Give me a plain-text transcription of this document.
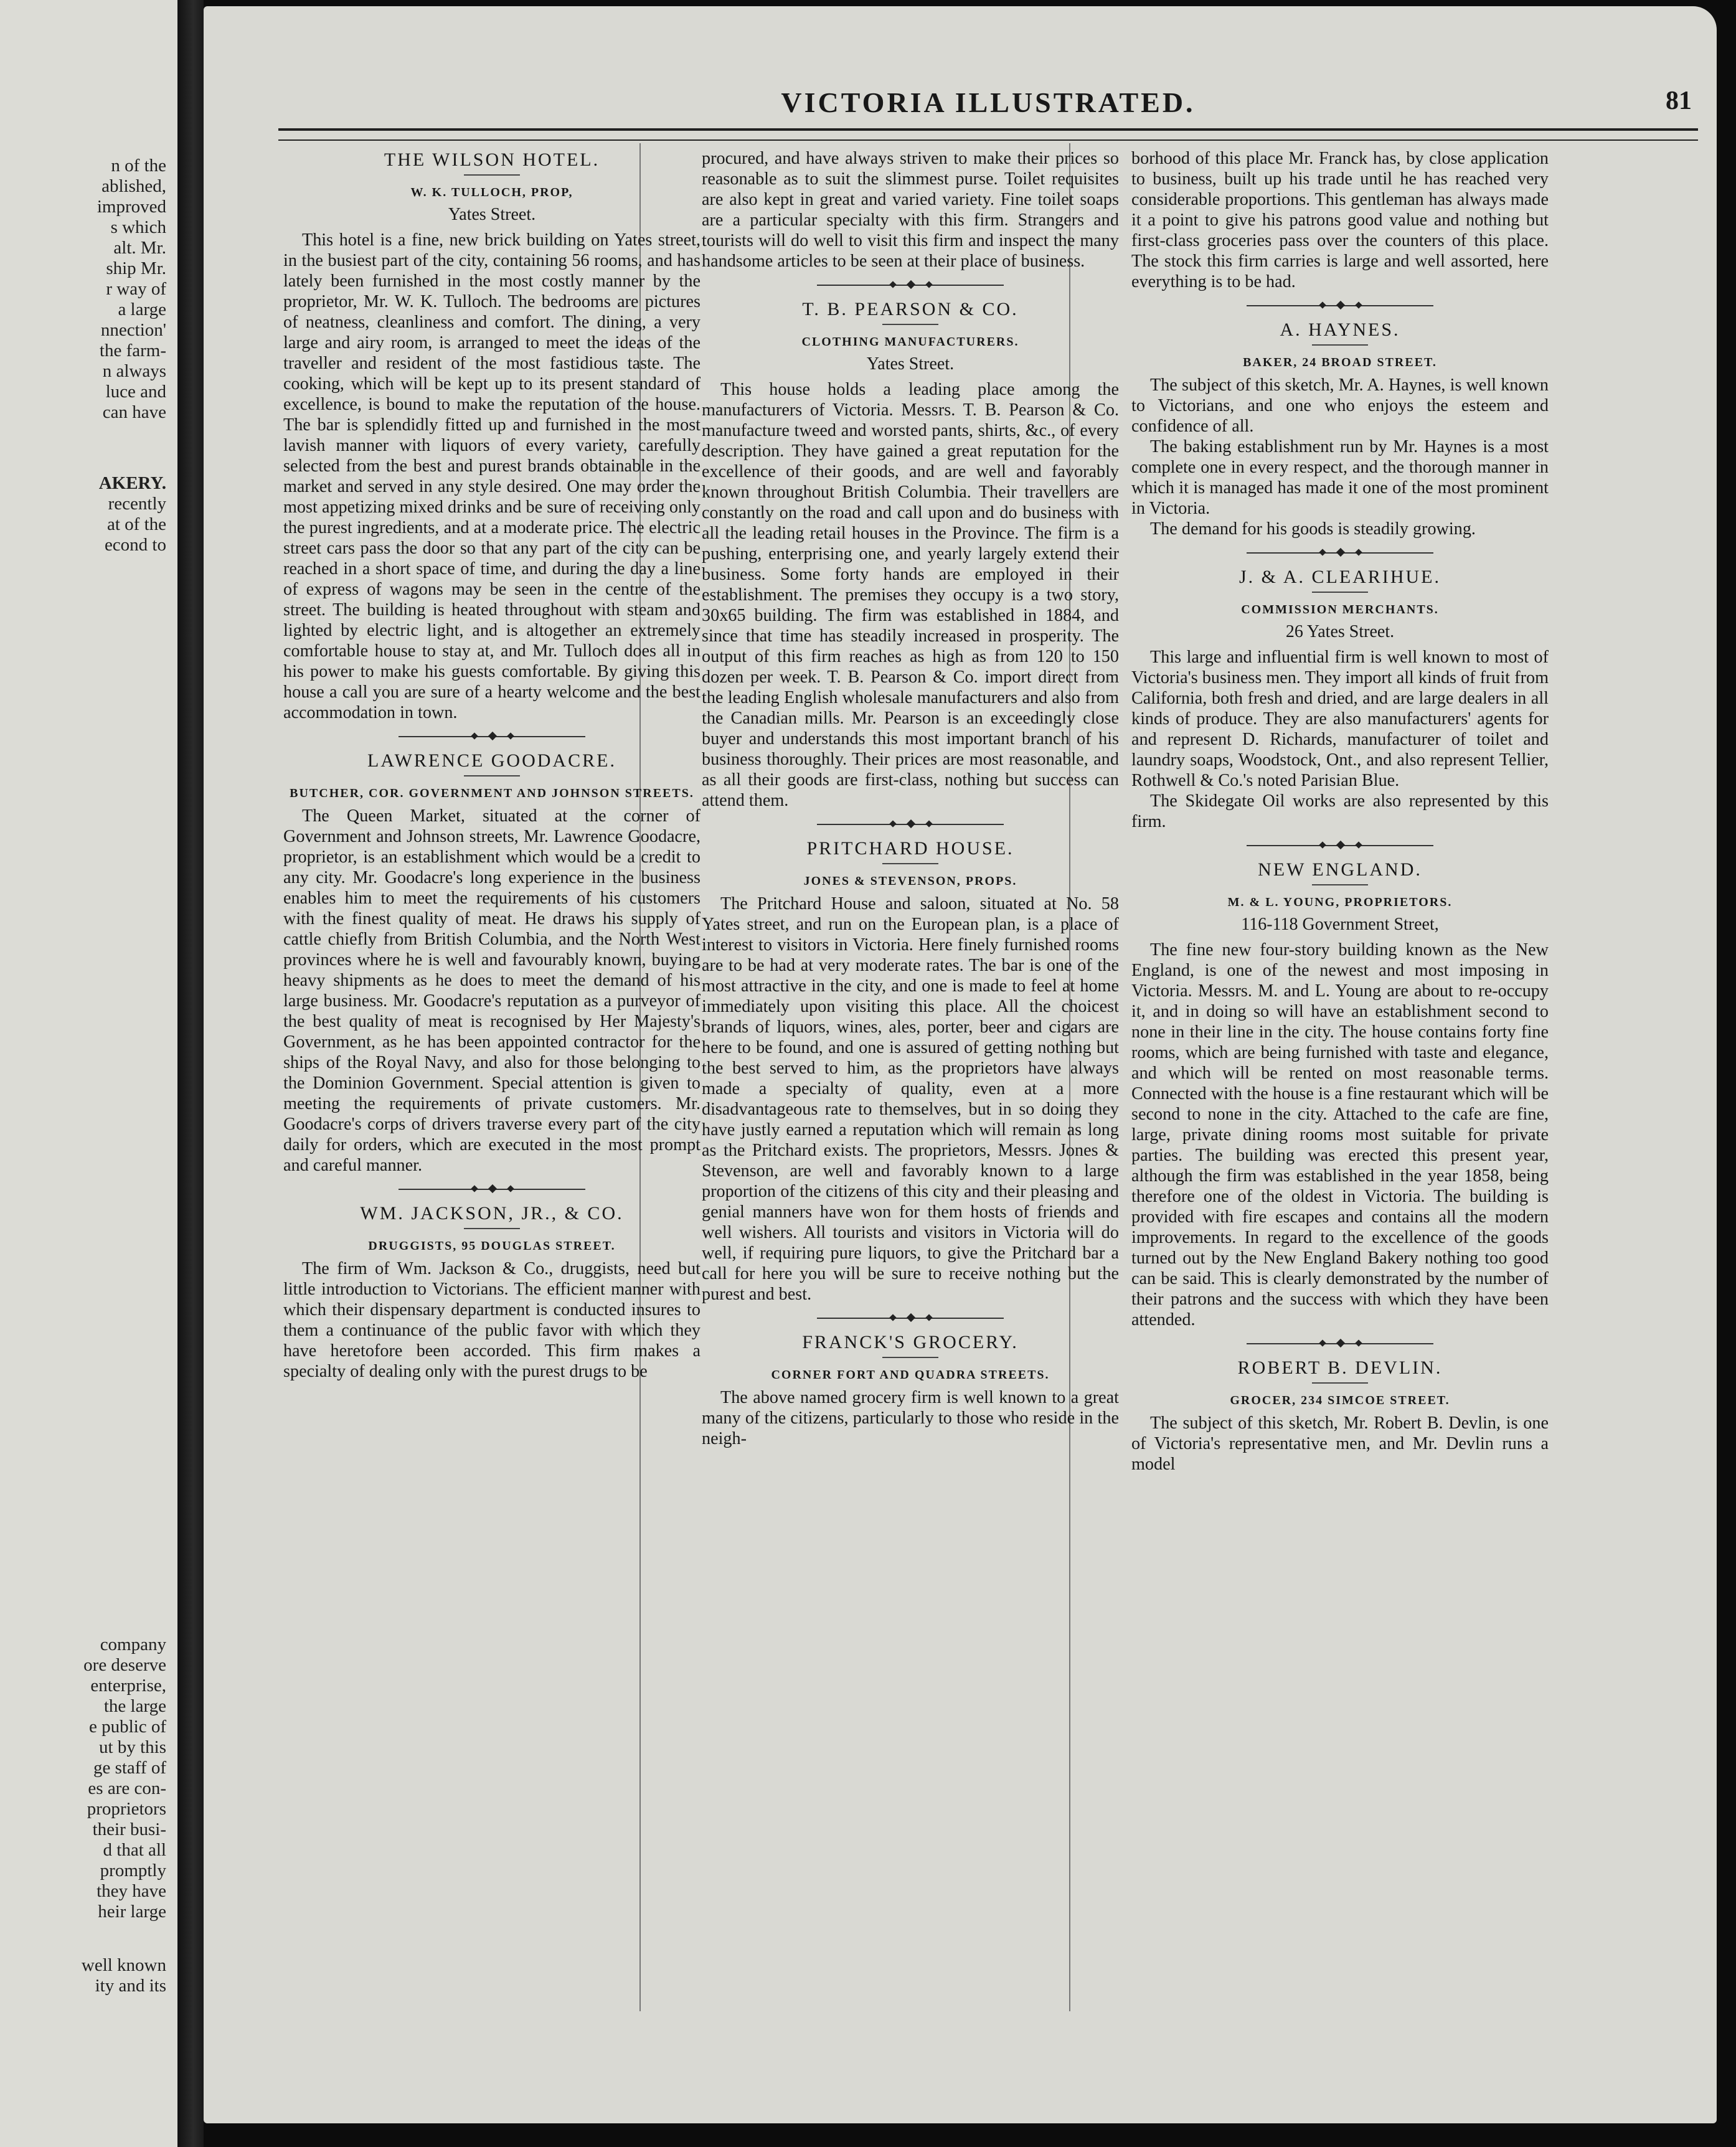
n of the
ablished,
improved
s which
alt. Mr.
ship Mr.
r way of
a large
nnection'
the farm-
n always
luce and
can have
AKERY.
recently
at of the
econd to
company
ore deserve
enterprise,
the large
e public of
ut by this
ge staff of
es are con-
proprietors
their busi-
d that all
promptly
they have
heir large
well known
ity and its
VICTORIA ILLUSTRATED.	81
THE WILSON HOTEL.
W. K. TULLOCH, PROP,
Yates Street.

This hotel is a fine, new brick building on Yates street, in the busiest part of the city, containing 56 rooms, and has lately been furnished in the most costly manner by the proprietor, Mr. W. K. Tulloch. The bedrooms are pictures of neatness, cleanliness and comfort. The dining, a very large and airy room, is arranged to meet the ideas of the traveller and resident of the most fastidious taste. The cooking, which will be kept up to its present standard of excellence, is bound to make the reputation of the house. The bar is splendidly fitted up and furnished in the most lavish manner with liquors of every variety, carefully selected from the best and purest brands obtainable in the market and served in any style desired. One may order the most appetizing mixed drinks and be sure of receiving only the purest ingredients, and at a moderate price. The electric street cars pass the door so that any part of the city can be reached in a short space of time, and during the day a line of express of wagons may be seen in the centre of the street. The building is heated throughout with steam and lighted by electric light, and is altogether an extremely comfortable house to stay at, and Mr. Tulloch does all in his power to make his guests comfortable. By giving this house a call you are sure of a hearty welcome and the best accommodation in town.

LAWRENCE GOODACRE.
BUTCHER, COR. GOVERNMENT AND JOHNSON STREETS.

The Queen Market, situated at the corner of Government and Johnson streets, Mr. Lawrence Goodacre, proprietor, is an establishment which would be a credit to any city. Mr. Goodacre's long experience in the business enables him to meet the requirements of his customers with the finest quality of meat. He draws his supply of cattle chiefly from British Columbia, and the North West provinces where he is well and favourably known, buying heavy shipments as he does to meet the demand of his large business. Mr. Goodacre's reputation as a purveyor of the best quality of meat is recognised by Her Majesty's Government, as he has been appointed contractor for the ships of the Royal Navy, and also for those belonging to the Dominion Government. Special attention is given to meeting the requirements of private customers. Mr. Goodacre's corps of drivers traverse every part of the city daily for orders, which are executed in the most prompt and careful manner.

WM. JACKSON, JR., & CO.
DRUGGISTS, 95 DOUGLAS STREET.

The firm of Wm. Jackson & Co., druggists, need but little introduction to Victorians. The efficient manner with which their dispensary department is conducted insures to them a continuance of the public favor with which they have heretofore been accorded. This firm makes a specialty of dealing only with the purest drugs to be

procured, and have always striven to make their prices so reasonable as to suit the slimmest purse. Toilet requisites are also kept in great and varied variety. Fine toilet soaps are a particular specialty with this firm. Strangers and tourists will do well to visit this firm and inspect the many handsome articles to be seen at their place of business.

T. B. PEARSON & CO.
CLOTHING MANUFACTURERS.
Yates Street.

This house holds a leading place among the manufacturers of Victoria. Messrs. T. B. Pearson & Co. manufacture tweed and worsted pants, shirts, &c., of every description. They have gained a great reputation for the excellence of their goods, and are well and favorably known throughout British Columbia. Their travellers are constantly on the road and call upon and do business with all the leading retail houses in the Province. The firm is a pushing, enterprising one, and yearly largely extend their business. Some forty hands are employed in their establishment. The premises they occupy is a two story, 30x65 building. The firm was established in 1884, and since that time has steadily increased in prosperity. The output of this firm reaches as high as from 120 to 150 dozen per week. T. B. Pearson & Co. import direct from the leading English wholesale manufacturers and also from the Canadian mills. Mr. Pearson is an exceedingly close buyer and understands this most important branch of his business thoroughly. Their prices are most reasonable, and as all their goods are first-class, nothing but success can attend them.

PRITCHARD HOUSE.
JONES & STEVENSON, PROPS.

The Pritchard House and saloon, situated at No. 58 Yates street, and run on the European plan, is a place of interest to visitors in Victoria. Here finely furnished rooms are to be had at very moderate rates. The bar is one of the most attractive in the city, and one is made to feel at home immediately upon visiting this place. All the choicest brands of liquors, wines, ales, porter, beer and cigars are here to be found, and one is assured of getting nothing but the best served to him, as the proprietors have always made a specialty of quality, even at a more disadvantageous rate to themselves, but in so doing they have justly earned a reputation which will remain as long as the Pritchard exists. The proprietors, Messrs. Jones & Stevenson, are well and favorably known to a large proportion of the citizens of this city and their pleasing and genial manners have won for them hosts of friends and well wishers. All tourists and visitors in Victoria will do well, if requiring pure liquors, to give the Pritchard bar a call for here you will be sure to receive nothing but the purest and best.

FRANCK'S GROCERY.
CORNER FORT AND QUADRA STREETS.

The above named grocery firm is well known to a great many of the citizens, particularly to those who reside in the neigh-

borhood of this place Mr. Franck has, by close application to business, built up his trade until he has reached very considerable proportions. This gentleman has always made it a point to give his patrons good value and nothing but first-class groceries pass over the counters of this place. The stock this firm carries is large and well assorted, here everything is to be had.

A. HAYNES.
BAKER, 24 BROAD STREET.

The subject of this sketch, Mr. A. Haynes, is well known to Victorians, and one who enjoys the esteem and confidence of all.

The baking establishment run by Mr. Haynes is a most complete one in every respect, and the thorough manner in which it is managed has made it one of the most prominent in Victoria.

The demand for his goods is steadily growing.

J. & A. CLEARIHUE.
COMMISSION MERCHANTS.
26 Yates Street.

This large and influential firm is well known to most of Victoria's business men. They import all kinds of fruit from California, both fresh and dried, and are large dealers in all kinds of produce. They are also manufacturers' agents for and represent D. Richards, manufacturer of toilet and laundry soaps, Woodstock, Ont., and also represent Tellier, Rothwell & Co.'s noted Parisian Blue.

The Skidegate Oil works are also represented by this firm.

NEW ENGLAND.
M. & L. YOUNG, PROPRIETORS.
116-118 Government Street,

The fine new four-story building known as the New England, is one of the newest and most imposing in Victoria. Messrs. M. and L. Young are about to re-occupy it, and in doing so will have an establishment second to none in their line in the city. The house contains forty fine rooms, which are being furnished with taste and elegance, and which will be rented on most reasonable terms. Connected with the house is a fine restaurant which will be second to none in the city. Attached to the cafe are fine, large, private dining rooms most suitable for private parties. The building was erected this present year, although the firm was established in the year 1858, being therefore one of the oldest in Victoria. The building is provided with fire escapes and contains all the modern improvements. In regard to the excellence of the goods turned out by the New England Bakery nothing too good can be said. This is clearly demonstrated by the number of their patrons and the success with which they have been attended.

ROBERT B. DEVLIN.
GROCER, 234 SIMCOE STREET.

The subject of this sketch, Mr. Robert B. Devlin, is one of Victoria's representative men, and Mr. Devlin runs a model
